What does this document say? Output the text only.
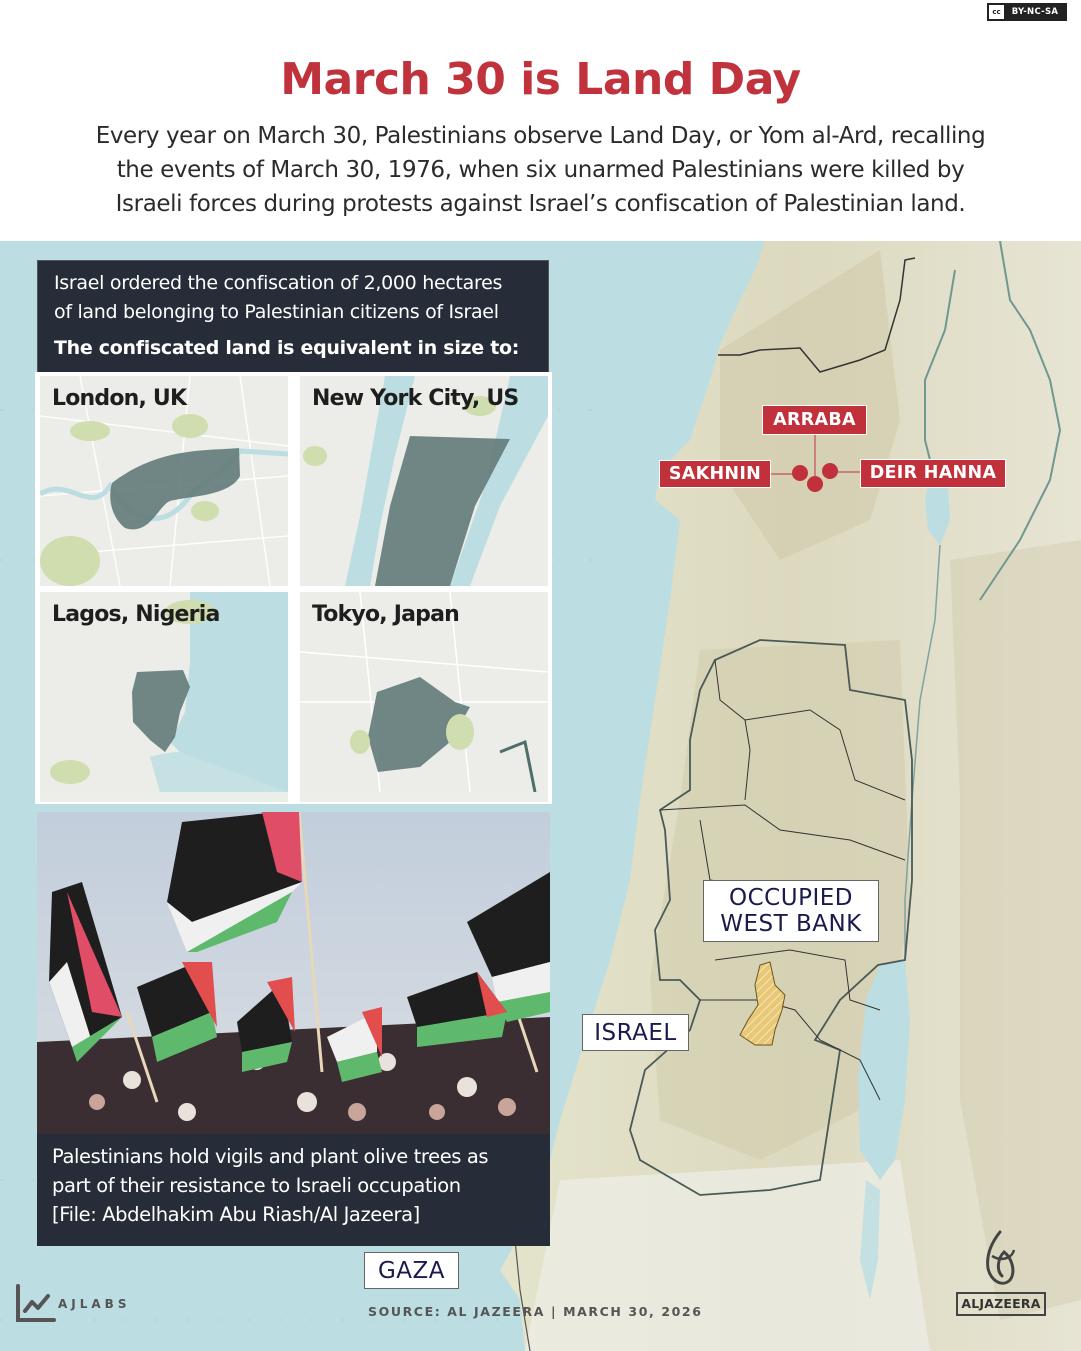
cc	BY-NC-SA
March 30 is Land Day
Every year on March 30, Palestinians observe Land Day, or Yom al-Ard, recalling
the events of March 30, 1976, when six unarmed Palestinians were killed by
Israeli forces during protests against Israel’s confiscation of Palestinian land.
Israel ordered the confiscation of 2,000 hectares
of land belonging to Palestinian citizens of Israel
The confiscated land is equivalent in size to:
London, UK	New York City, US
Lagos, Nigeria	Tokyo, Japan
Palestinians hold vigils and plant olive trees as
part of their resistance to Israeli occupation
[File: Abdelhakim Abu Riash/Al Jazeera]
ARRABA
SAKHNIN	DEIR HANNA
OCCUPIED
WEST BANK
ISRAEL
GAZA
AJLABS	SOURCE: AL JAZEERA | MARCH 30, 2026
ALJAZEERA
